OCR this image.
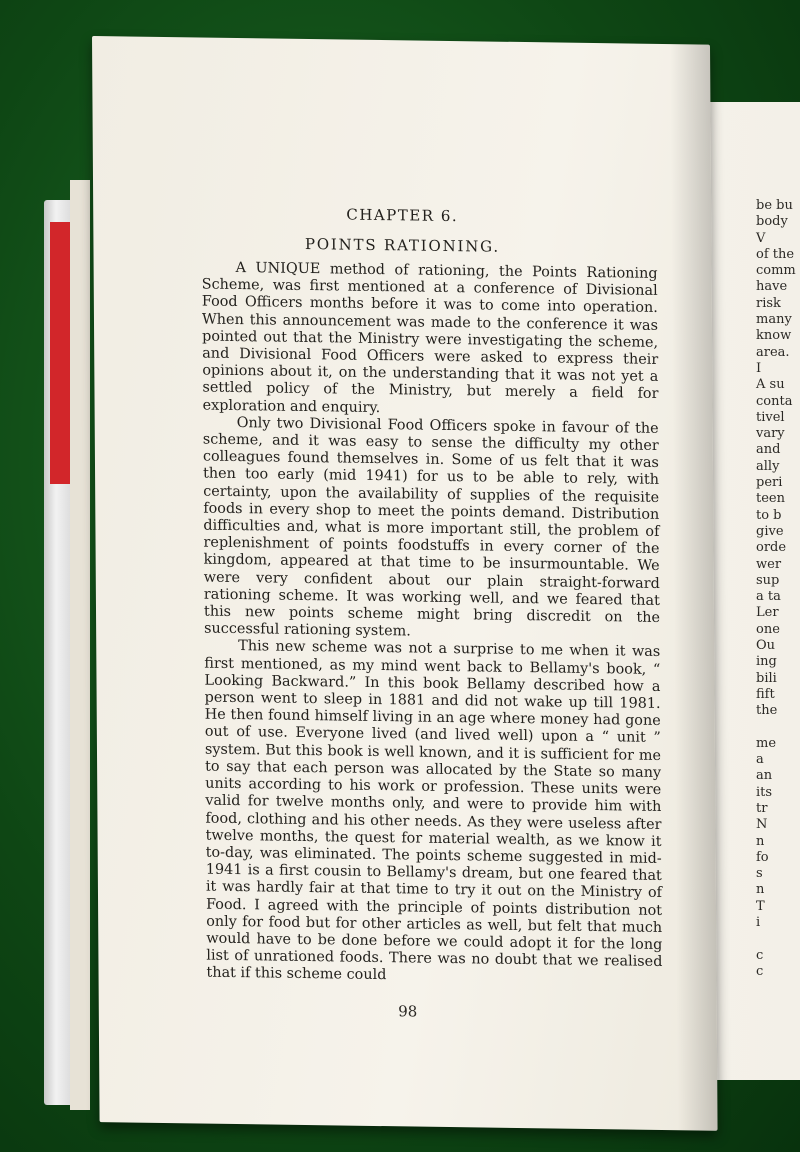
be bu
body
V
of the
comm
have
risk
many
know
area.
I
A su
conta
tivel
vary
and
ally
peri
teen
to b
give
orde
wer
sup
a ta
Ler
one
Ou
ing
bili
fift
the

me
a
an
its
tr
N
n
fo
s
n
T
i

c
c
CHAPTER 6.
POINTS RATIONING.

A UNIQUE method of rationing, the Points Rationing Scheme, was first mentioned at a conference of Divisional Food Officers months before it was to come into operation. When this announcement was made to the conference it was pointed out that the Ministry were investigating the scheme, and Divisional Food Officers were asked to express their opinions about it, on the understanding that it was not yet a settled policy of the Ministry, but merely a field for exploration and enquiry.

Only two Divisional Food Officers spoke in favour of the scheme, and it was easy to sense the difficulty my other colleagues found themselves in. Some of us felt that it was then too early (mid 1941) for us to be able to rely, with certainty, upon the availability of supplies of the requisite foods in every shop to meet the points demand. Distribution difficulties and, what is more important still, the problem of replenishment of points foodstuffs in every corner of the kingdom, appeared at that time to be insurmountable. We were very confident about our plain straight-forward rationing scheme. It was working well, and we feared that this new points scheme might bring discredit on the successful rationing system.

This new scheme was not a surprise to me when it was first mentioned, as my mind went back to Bellamy's book, “ Looking Backward.” In this book Bellamy described how a person went to sleep in 1881 and did not wake up till 1981. He then found himself living in an age where money had gone out of use. Everyone lived (and lived well) upon a “ unit ” system. But this book is well known, and it is sufficient for me to say that each person was allocated by the State so many units according to his work or profession. These units were valid for twelve months only, and were to provide him with food, clothing and his other needs. As they were useless after twelve months, the quest for material wealth, as we know it to-day, was eliminated. The points scheme suggested in mid-1941 is a first cousin to Bellamy's dream, but one feared that it was hardly fair at that time to try it out on the Ministry of Food. I agreed with the principle of points distribution not only for food but for other articles as well, but felt that much would have to be done before we could adopt it for the long list of unrationed foods. There was no doubt that we realised that if this scheme could

98
